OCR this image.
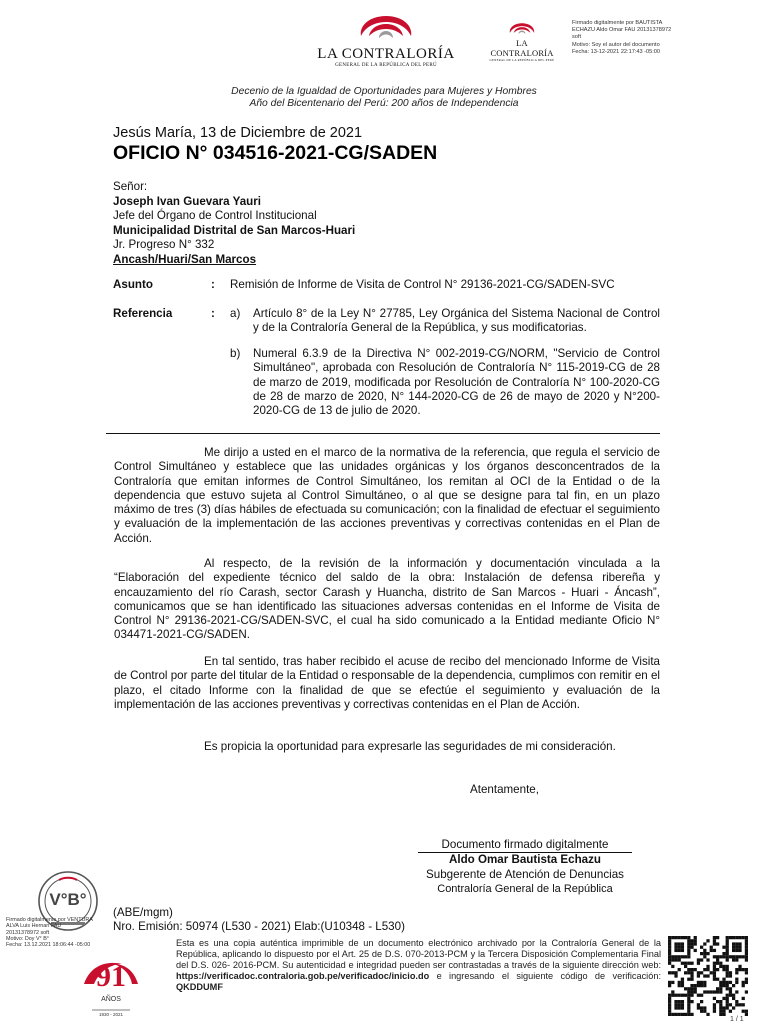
LA CONTRALORÍA
GENERAL DE LA REPÚBLICA DEL PERÚ
LA CONTRALORÍA
GENERAL DE LA REPÚBLICA DEL PERÚ
Firmado digitalmente por BAUTISTA
ECHAZU Aldo Omar FAU 20131378972
soft
Motivo: Soy el autor del documento
Fecha: 13-12-2021 22:17:43 -05:00
Decenio de la Igualdad de Oportunidades para Mujeres y Hombres
Año del Bicentenario del Perú: 200 años de Independencia
Jesús María, 13 de Diciembre de 2021
OFICIO N° 034516-2021-CG/SADEN
Señor:
Joseph Ivan Guevara Yauri
Jefe del Órgano de Control Institucional
Municipalidad Distrital de San Marcos-Huari
Jr. Progreso N° 332
Ancash/Huari/San Marcos
Asunto	: Remisión de Informe de Visita de Control N° 29136-2021-CG/SADEN-SVC
Referencia	: a) Artículo 8° de la Ley N° 27785, Ley Orgánica del Sistema Nacional de Control y de la Contraloría General de la República, y sus modificatorias.
b) Numeral 6.3.9 de la Directiva N° 002-2019-CG/NORM, "Servicio de Control Simultáneo", aprobada con Resolución de Contraloría N° 115-2019-CG de 28 de marzo de 2019, modificada por Resolución de Contraloría N° 100-2020-CG de 28 de marzo de 2020, N° 144-2020-CG de 26 de mayo de 2020 y N°200-2020-CG de 13 de julio de 2020.
Me dirijo a usted en el marco de la normativa de la referencia, que regula el servicio de Control Simultáneo y establece que las unidades orgánicas y los órganos desconcentrados de la Contraloría que emitan informes de Control Simultáneo, los remitan al OCI de la Entidad o de la dependencia que estuvo sujeta al Control Simultáneo, o al que se designe para tal fin, en un plazo máximo de tres (3) días hábiles de efectuada su comunicación; con la finalidad de efectuar el seguimiento y evaluación de la implementación de las acciones preventivas y correctivas contenidas en el Plan de Acción.
Al respecto, de la revisión de la información y documentación vinculada a la “Elaboración del expediente técnico del saldo de la obra: Instalación de defensa ribereña y encauzamiento del río Carash, sector Carash y Huancha, distrito de San Marcos - Huari - Áncash”, comunicamos que se han identificado las situaciones adversas contenidas en el Informe de Visita de Control N° 29136-2021-CG/SADEN-SVC, el cual ha sido comunicado a la Entidad mediante Oficio N° 034471-2021-CG/SADEN.
En tal sentido, tras haber recibido el acuse de recibo del mencionado Informe de Visita de Control por parte del titular de la Entidad o responsable de la dependencia, cumplimos con remitir en el plazo, el citado Informe con la finalidad de que se efectúe el seguimiento y evaluación de la implementación de las acciones preventivas y correctivas contenidas en el Plan de Acción.
Es propicia la oportunidad para expresarle las seguridades de mi consideración.
Atentamente,
Documento firmado digitalmente
Aldo Omar Bautista Echazu
Subgerente de Atención de Denuncias
Contraloría General de la República
V°B°
Firmado digitalmente por VENTURA
ALVA Luis Hernan FAU
20131378972 soft
Motivo: Doy V° B°
Fecha: 13.12.2021 18:06:44 -05:00
(ABE/mgm)
Nro. Emisión: 50974 (L530 - 2021) Elab:(U10348 - L530)
91
AÑOS
1930 - 2021
Esta es una copia auténtica imprimible de un documento electrónico archivado por la Contraloría General de la República, aplicando lo dispuesto por el Art. 25 de D.S. 070-2013-PCM y la Tercera Disposición Complementaria Final del D.S. 026- 2016-PCM. Su autenticidad e integridad pueden ser contrastadas a través de la siguiente dirección web: https://verificadoc.contraloria.gob.pe/verificadoc/inicio.do e ingresando el siguiente código de verificación: QKDDUMF
1 / 1
